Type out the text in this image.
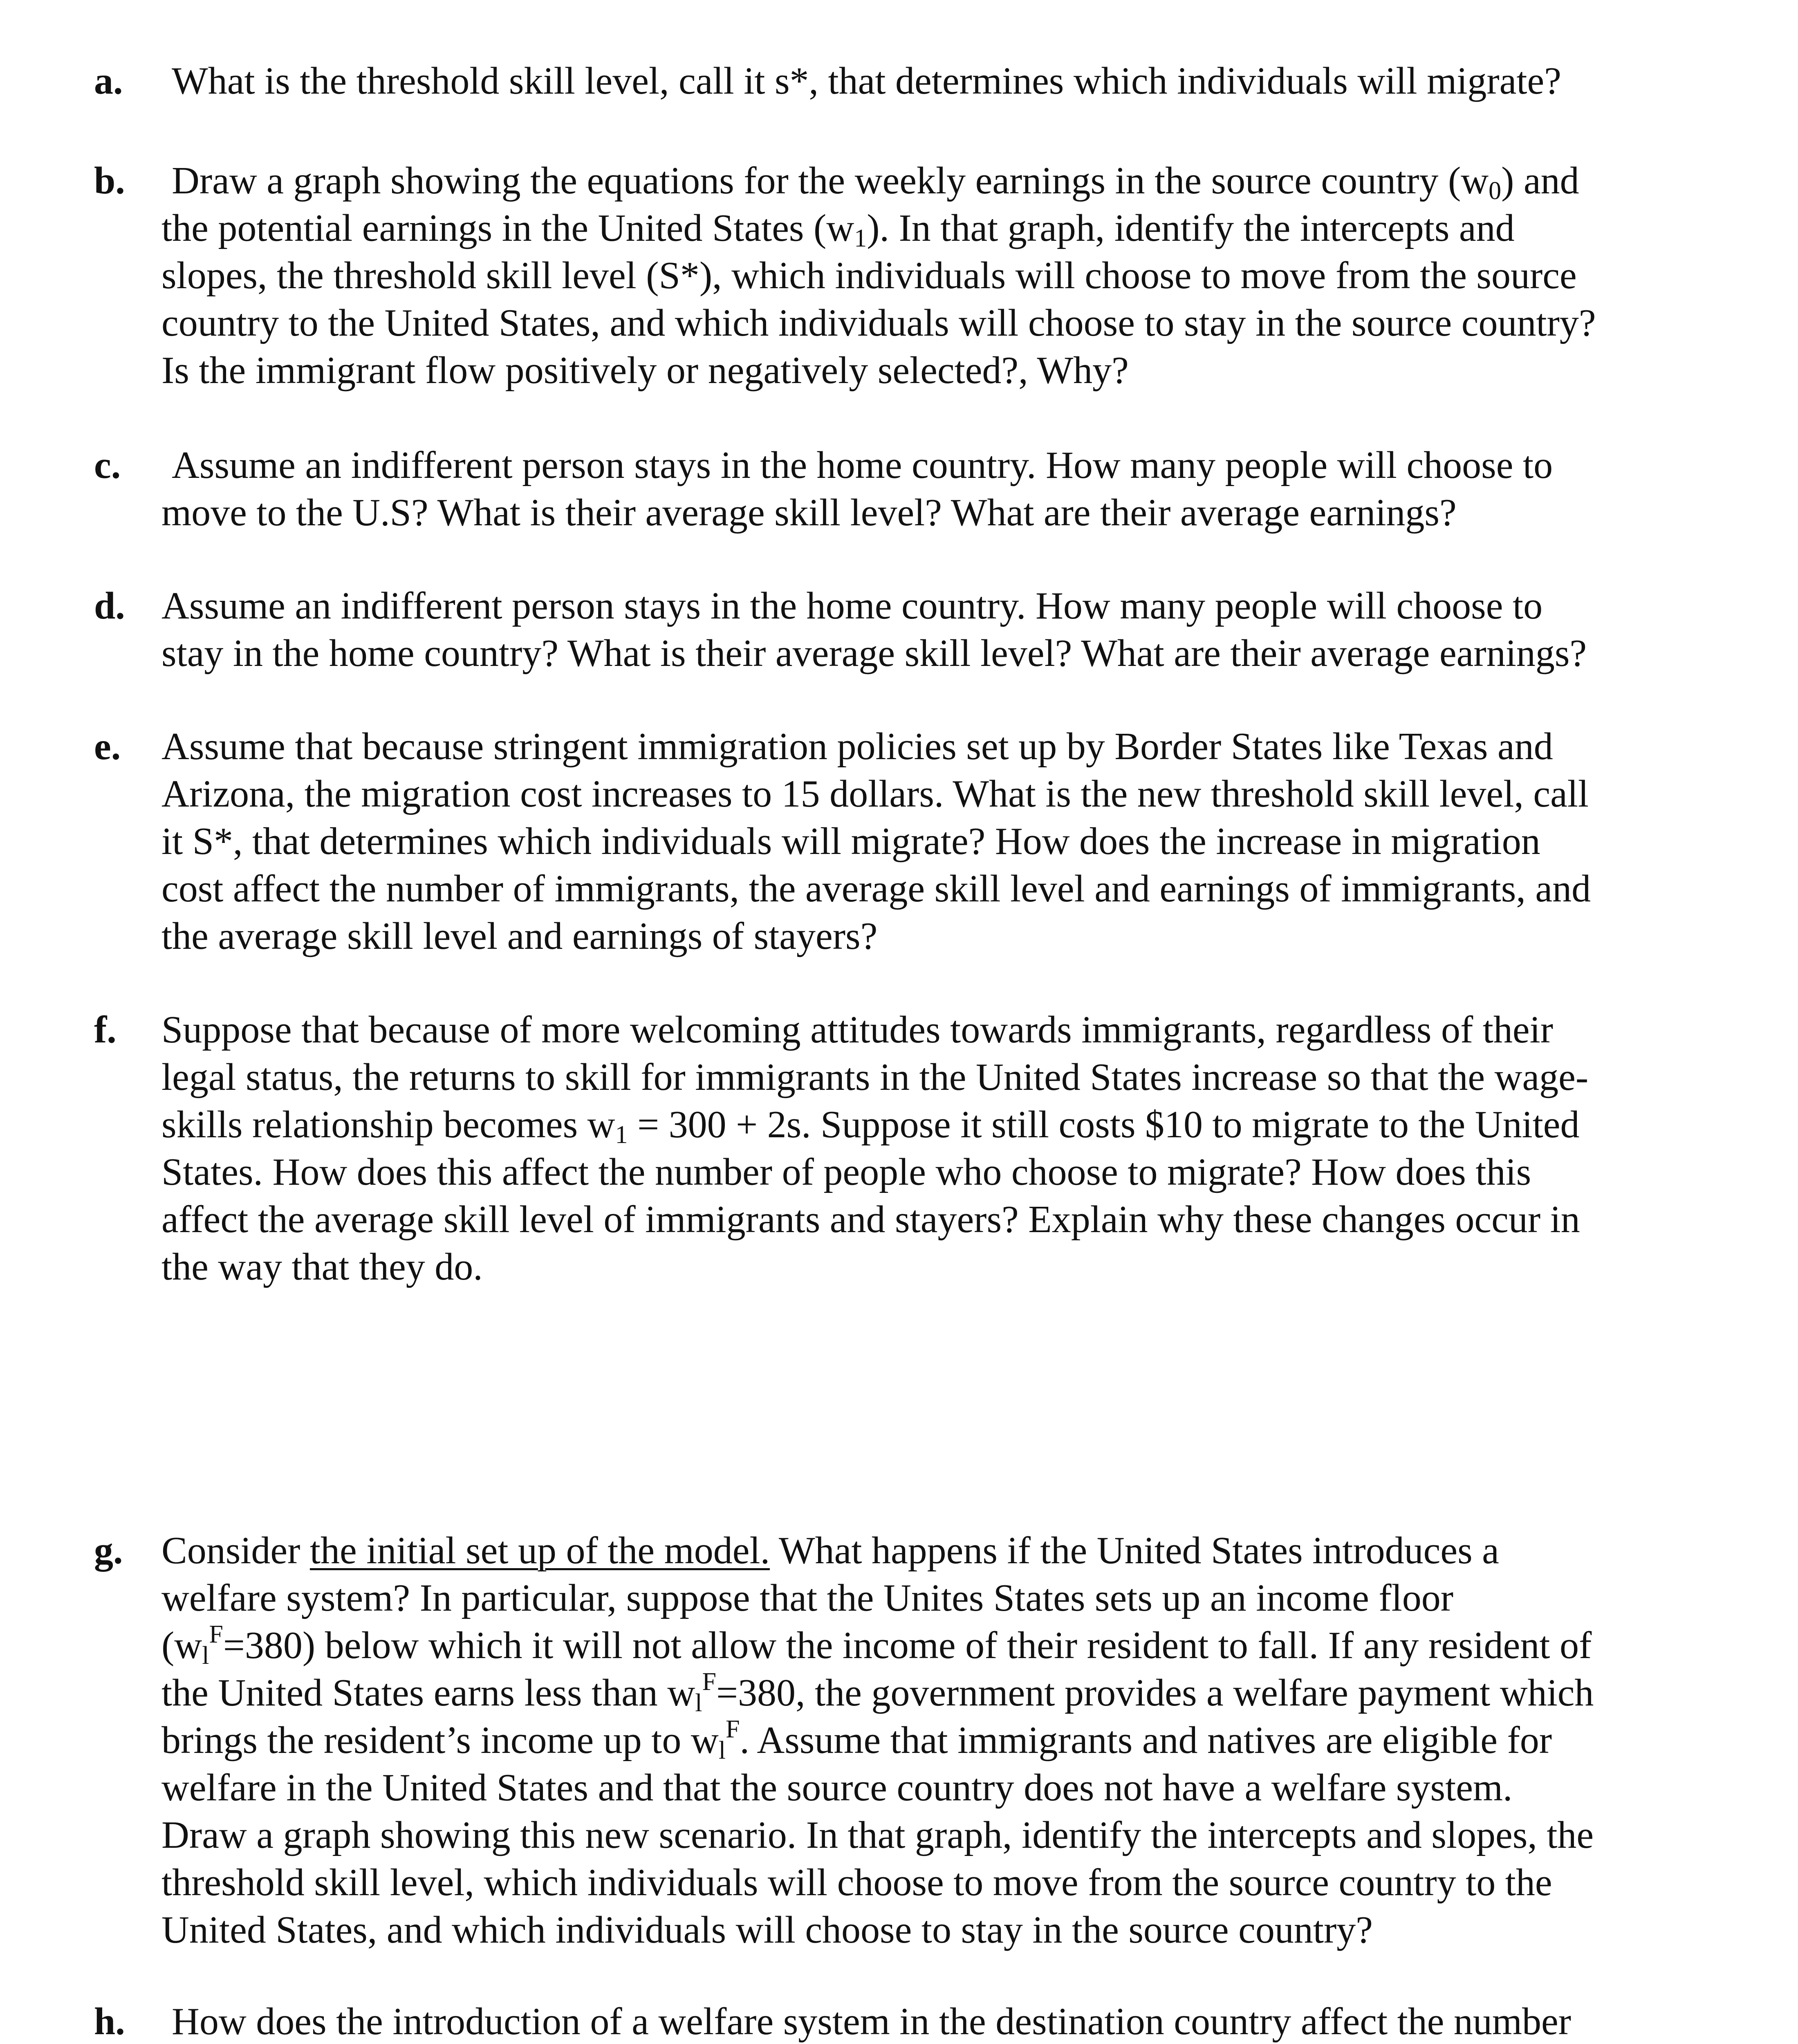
a. What is the threshold skill level, call it s*, that determines which individuals will migrate?
b. Draw a graph showing the equations for the weekly earnings in the source country $(w_0)$ and
the potential earnings in the United States $(w_1)$. In that graph, identify the intercepts and
slopes, the threshold skill level (S*), which individuals will choose to move from the source
country to the United States, and which individuals will choose to stay in the source country?
Is the immigrant flow positively or negatively selected?, Why?
c. Assume an indifferent person stays in the home country. How many people will choose to
move to the U.S? What is their average skill level? What are their average earnings?
d. Assume an indifferent person stays in the home country. How many people will choose to
stay in the home country? What is their average skill level? What are their average earnings?
e. Assume that because stringent immigration policies set up by Border States like Texas and
Arizona, the migration cost increases to 15 dollars. What is the new threshold skill level, call
it S*, that determines which individuals will migrate? How does the increase in migration
cost affect the number of immigrants, the average skill level and earnings of immigrants, and
the average skill level and earnings of stayers?
f. Suppose that because of more welcoming attitudes towards immigrants, regardless of their
legal status, the returns to skill for immigrants in the United States increase so that the wage-
skills relationship becomes $w_1 = 300 + 2s$. Suppose it still costs $10 to migrate to the United
States. How does this affect the number of people who choose to migrate? How does this
affect the average skill level of immigrants and stayers? Explain why these changes occur in
the way that they do.
g. Consider the initial set up of the model. What happens if the United States introduces a
welfare system? In particular, suppose that the Unites States sets up an income floor
$(w_l^F=380)$ below which it will not allow the income of their resident to fall. If any resident of
the United States earns less than $w_l^F=380$, the government provides a welfare payment which
brings the resident’s income up to $w_l^F$. Assume that immigrants and natives are eligible for
welfare in the United States and that the source country does not have a welfare system.
Draw a graph showing this new scenario. In that graph, identify the intercepts and slopes, the
threshold skill level, which individuals will choose to move from the source country to the
United States, and which individuals will choose to stay in the source country?
h. How does the introduction of a welfare system in the destination country affect the number
